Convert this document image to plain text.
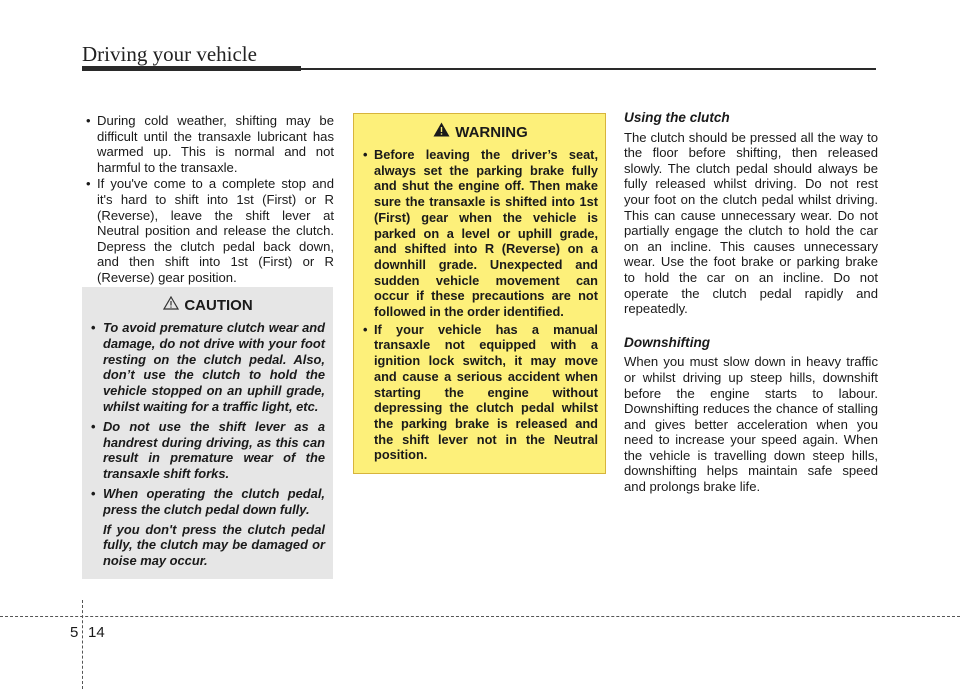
Driving your vehicle
• During cold weather, shifting may be difficult until the transaxle lubricant has warmed up. This is normal and not harmful to the transaxle.
• If you've come to a complete stop and it's hard to shift into 1st (First) or R (Reverse), leave the shift lever at Neutral position and release the clutch. Depress the clutch pedal back down, and then shift into 1st (First) or R (Reverse) gear position.
CAUTION
• To avoid premature clutch wear and damage, do not drive with your foot resting on the clutch pedal. Also, don’t use the clutch to hold the vehicle stopped on an uphill grade, whilst waiting for a traffic light, etc.
• Do not use the shift lever as a handrest during driving, as this can result in premature wear of the transaxle shift forks.
• When operating the clutch pedal, press the clutch pedal down fully.
If you don't press the clutch pedal fully, the clutch may be damaged or noise may occur.
WARNING
• Before leaving the driver’s seat, always set the parking brake fully and shut the engine off. Then make sure the transaxle is shifted into 1st (First) gear when the vehicle is parked on a level or uphill grade, and shifted into R (Reverse) on a downhill grade. Unexpected and sudden vehicle movement can occur if these precautions are not followed in the order identified.
• If your vehicle has a manual transaxle not equipped with a ignition lock switch, it may move and cause a serious accident when starting the engine without depressing the clutch pedal whilst the parking brake is released and the shift lever not in the Neutral position.
Using the clutch

The clutch should be pressed all the way to the floor before shifting, then released slowly. The clutch pedal should always be fully released whilst driving. Do not rest your foot on the clutch pedal whilst driving. This can cause unnecessary wear. Do not partially engage the clutch to hold the car on an incline. This causes unnecessary wear. Use the foot brake or parking brake to hold the car on an incline. Do not operate the clutch pedal rapidly and repeatedly.

Downshifting

When you must slow down in heavy traffic or whilst driving up steep hills, downshift before the engine starts to labour. Downshifting reduces the chance of stalling and gives better acceleration when you need to increase your speed again. When the vehicle is travelling down steep hills, downshifting helps maintain safe speed and prolongs brake life.

5 14
